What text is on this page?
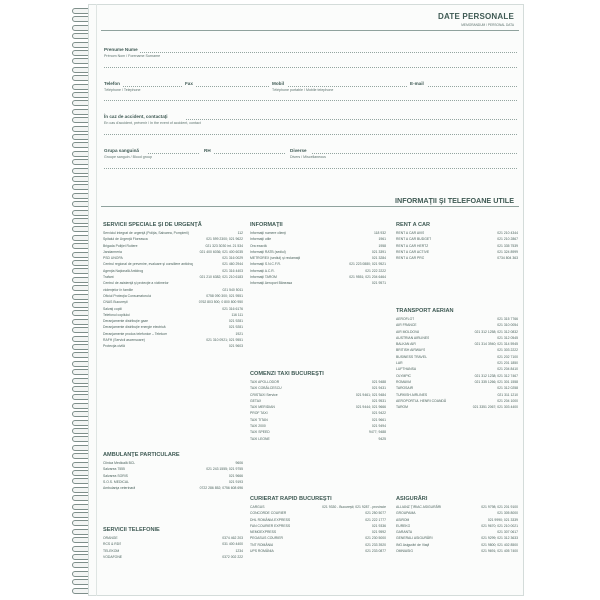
DATE PERSONALE
MEMORANDUM / PERSONAL DATA
Prenume Nume
Prénom Nom / Forename Surname
Telefon	Fax	Mobil	E-mail
Téléphone / Telephone	Téléphone portable / Mobile telephone
În caz de accident, contactaţi
En cas d'accident, prévenir / In the event of accident, contact
Grupa sanguină	RH	Diverse
Groupe sanguin / Blood group	Divers / Miscellaneous
INFORMAŢII ŞI TELEFOANE UTILE
SERVICII SPECIALE ŞI DE URGENŢĂ
Serviciul integrat de urgenţă (Poliţia, Salvarea, Pompierii)	112
Spitalul de Urgenţă Floreasca	021 599 2300; 021 9622
Brigada Poliţiei Rutiere	021 323 3030 int. 21 534
Jandarmeria	021 400 6036; 021 400 6035
PSD UNOPA	021 316 0029
Centrul regional de prevenire, evaluare şi consiliere antidrog	021 460 2944
Agenţia Naţională Antidrog	021 316 4403
Trafant	021 210 6382; 021 210 6183
Centrul de asistenţă şi protecţie a victimelor
violenţelor în familie	021 540 5011
Oficiul Protecţia Consumatorului	0758 090 300; 021 9551
CNAS Bucureşti	0762 803 500; 0 800 800 950
Salvaţi copiii	021 316 6176
Telefonul copilului	116 111
Deranjamente distribuţie gaze	021 9281
Deranjamente distribuţie energie electrică	021 9281
Deranjamente produs telefonice – Telekom	1921
RAFH (Servicii ascensoare)	021 310 0921; 021 9551
Protecţia civilă	021 9603
AMBULANŢE PARTICULARE
Clinica Medicală BCL	9606
Salvarea 7555	021 243 1555; 021 9755
Salvarea SORIS	021 9666
S.O.S. MEDICAL	021 9193
Ambulanţa veterinară	0722 286 852; 0756 608 696
SERVICII TELEFONIE
ORANGE	0374 462 203
RCS & RDS	031 400 4400
TELEKOM	1234
VODAFONE	0372 002 222
INFORMAŢII
Informaţii numere clienţi	118 932
Informaţii utile	1961
Ora exactă	1958
Informaţii RATB (sediul)	021 3391
METROREX (sediul) şi reclamaţii	021 3284
Informaţii S.N.C.F.R.	021 223 0880; 021 9521
Informaţii A.C.R.	021 222 2222
Informaţii TAROM	021 9551; 021 204 6464
Informaţii Aeroport Băneasa	021 9571
COMENZI TAXI BUCUREŞTI
TAXI APOLLODOR	021 9488
TAXI COBĂLCESCU	021 9431
CRISTAXI Service	021 9461; 021 9484
GETAX	021 9531
TAXI MERIDIAN	021 9444; 021 9666
PROF TAXI	021 9422
TAXI TITAN	021 9661
TAXI 2000	021 9494
TAXI SPEED	9477; 9488
TAXI LEONE	9425
CURIERAT RAPID BUCUREŞTI
CARGUS	021 9330 - Bucureşti; 021 9287 - provincie
CONCORDE COURIER	021 250 5077
DHL ROMÂNIA EXPRESS	021 222 1777
FAN COURIER EXPRESS	021 9336
NEMOEXPRESS	021 9592
PEGASUS COURIER	021 230 5000
TNT ROMÂNIA	021 233 3920
UPS ROMÂNIA	021 233 0877
RENT A CAR
RENT A CAR AVIS	021 210 4344
RENT A CAR BUDGET	021 210 2867
RENT A CAR HERTZ	021 335 7539
RENT A CAR ACTIVE	021 324 8999
RENT A CAR PRO	0734 804 363
TRANSPORT AERIAN
AEROFLOT	021 315 7766
AIR FRANCE	021 310 0054
AIR MOLDOVA	021 312 1258; 021 312 0832
AUSTRIAN AIRLINES	021 312 0545
BALKAN AIR	021 314 3940; 021 314 5945
BRITISH AIRWAYS	021 303 2222
BUSINESS TRAVEL	021 202 7100
LAR	021 201 1850
LUFTHANSA	021 204 8410
OLYMPIC	021 312 1238; 021 312 7467
ROMAVIA	021 335 1266; 021 301 1558
TAROSAIR	021 312 0258
TURKISH AIRLINES	021 311 1210
AEROPORTUL HENRI COANDĂ	021 204 1000
TAROM	021 3351 2067; 021 303 4400
ASIGURĂRI
ALLIANZ ŢIRIAC ASIGURĂRI	021 9798; 021 201 9100
GROUPAMA	021 305 8000
ASIROM	021 9990; 021 3339
EUREKO	021 9670; 021 210 0021
GARANTA	021 307 0617
GENERALI ASIGURĂRI	021 9299; 021 312 3633
ING Asigurări de Viaţă	021 9800; 021 402 8500
OMNIASIG	021 9691; 021 405 7400
